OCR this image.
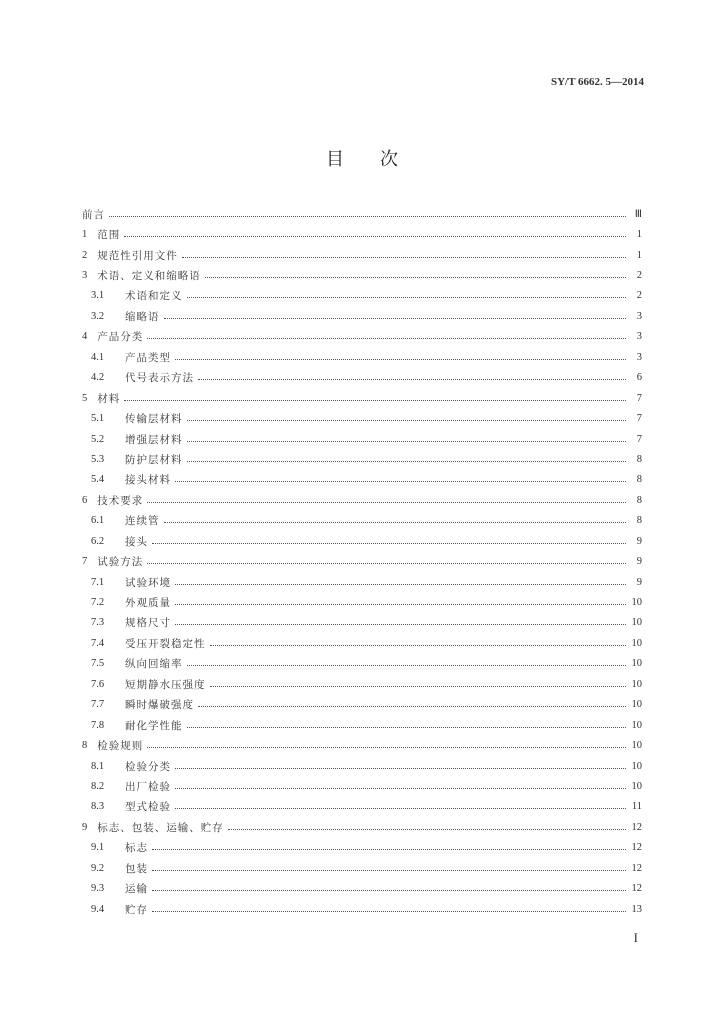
SY/T 6662. 5—2014
目次
前言	Ⅲ
1 范围	1
2 规范性引用文件	1
3 术语、定义和缩略语	2
3.1	术语和定义	2
3.2	缩略语	3
4 产品分类	3
4.1	产品类型	3
4.2	代号表示方法	6
5 材料	7
5.1	传输层材料	7
5.2	增强层材料	7
5.3	防护层材料	8
5.4	接头材料	8
6 技术要求	8
6.1	连续管	8
6.2	接头	9
7 试验方法	9
7.1	试验环境	9
7.2	外观质量	10
7.3	规格尺寸	10
7.4	受压开裂稳定性	10
7.5	纵向回缩率	10
7.6	短期静水压强度	10
7.7	瞬时爆破强度	10
7.8	耐化学性能	10
8 检验规则	10
8.1	检验分类	10
8.2	出厂检验	10
8.3	型式检验	11
9 标志、包装、运输、贮存	12
9.1	标志	12
9.2	包装	12
9.3	运输	12
9.4	贮存	13
I
